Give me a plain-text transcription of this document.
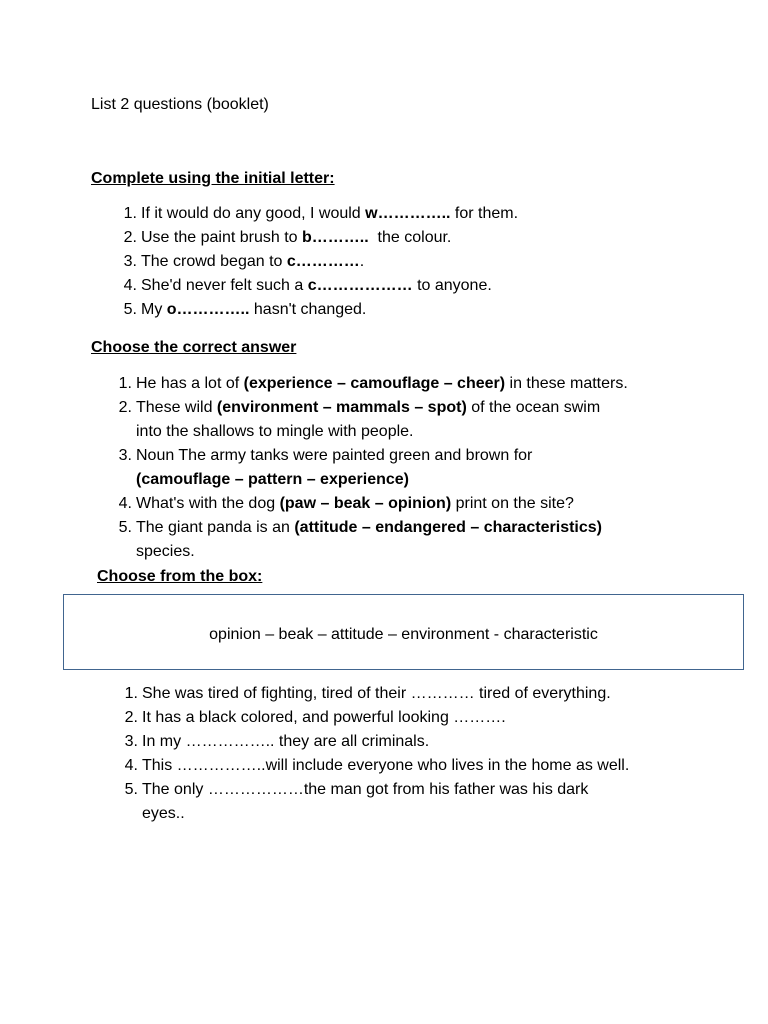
List 2 questions (booklet)
Complete using the initial letter:
1. If it would do any good, I would w………….. for them.
2. Use the paint brush to b………..  the colour.
3. The crowd began to c………….
4. She'd never felt such a c……………… to anyone.
5. My o………….. hasn't changed.
Choose the correct answer
1. He has a lot of (experience – camouflage – cheer) in these matters.
2. These wild (environment – mammals – spot) of the ocean swim
into the shallows to mingle with people.
3. Noun The army tanks were painted green and brown for
(camouflage – pattern – experience)
4. What's with the dog (paw – beak – opinion) print on the site?
5. The giant panda is an (attitude – endangered – characteristics)
species.
Choose from the box:
opinion – beak – attitude – environment - characteristic
1. She was tired of fighting, tired of their ………… tired of everything.
2. It has a black colored, and powerful looking ……….
3. In my …………….. they are all criminals.
4. This ……………..will include everyone who lives in the home as well.
5. The only ………………the man got from his father was his dark
eyes..
